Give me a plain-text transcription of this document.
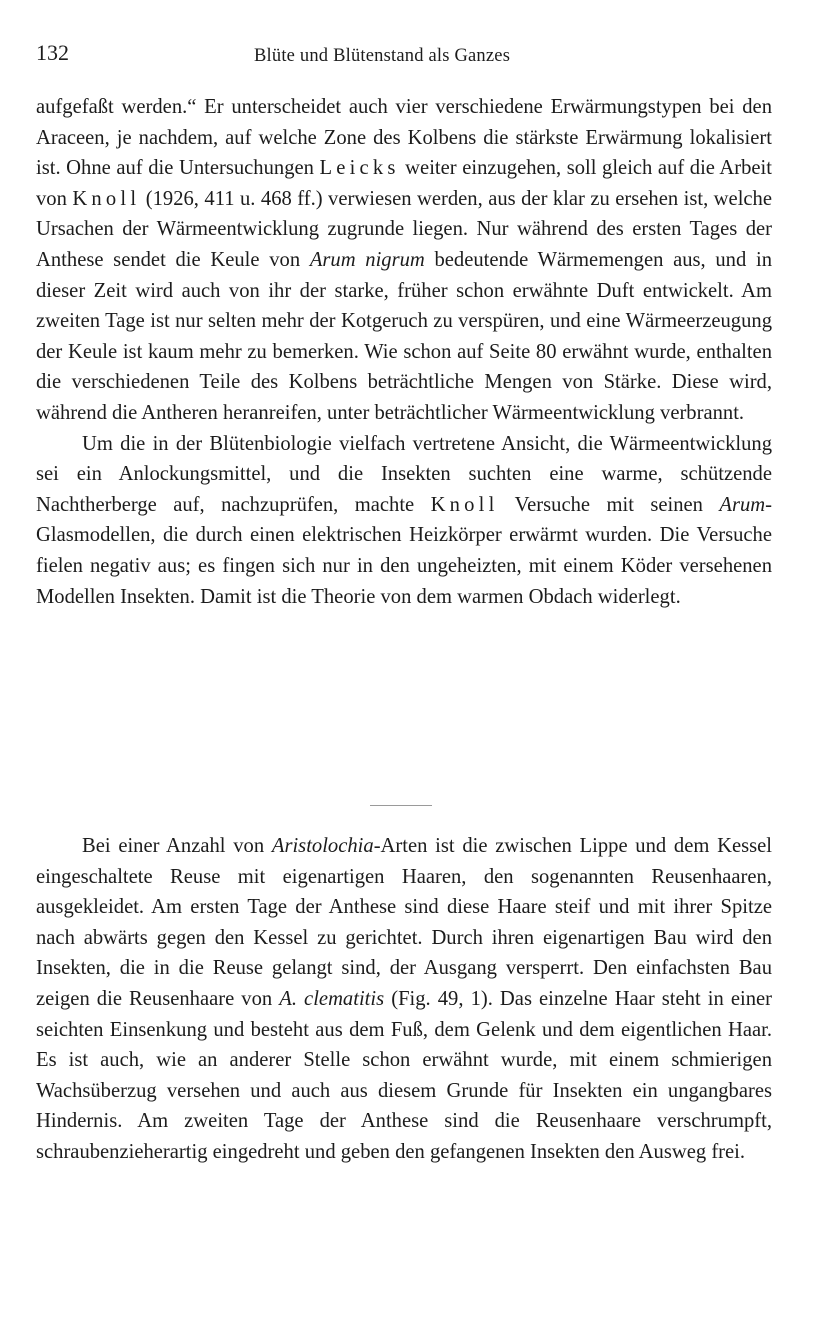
132	Blüte und Blütenstand als Ganzes

aufgefaßt werden.“ Er unterscheidet auch vier verschiedene Erwärmungstypen bei den Araceen, je nachdem, auf welche Zone des Kolbens die stärkste Erwärmung lokalisiert ist. Ohne auf die Untersuchungen Leicks weiter einzugehen, soll gleich auf die Arbeit von Knoll (1926, 411 u. 468 ff.) verwiesen werden, aus der klar zu ersehen ist, welche Ursachen der Wärmeentwicklung zugrunde liegen. Nur während des ersten Tages der Anthese sendet die Keule von Arum nigrum bedeutende Wärmemengen aus, und in dieser Zeit wird auch von ihr der starke, früher schon erwähnte Duft entwickelt. Am zweiten Tage ist nur selten mehr der Kotgeruch zu verspüren, und eine Wärmeerzeugung der Keule ist kaum mehr zu bemerken. Wie schon auf Seite 80 erwähnt wurde, enthalten die verschiedenen Teile des Kolbens beträchtliche Mengen von Stärke. Diese wird, während die Antheren heranreifen, unter beträchtlicher Wärmeentwicklung verbrannt.

Um die in der Blütenbiologie vielfach vertretene Ansicht, die Wärmeentwicklung sei ein Anlockungsmittel, und die Insekten suchten eine warme, schützende Nachtherberge auf, nachzuprüfen, machte Knoll Versuche mit seinen Arum-Glasmodellen, die durch einen elektrischen Heizkörper erwärmt wurden. Die Versuche fielen negativ aus; es fingen sich nur in den ungeheizten, mit einem Köder versehenen Modellen Insekten. Damit ist die Theorie von dem warmen Obdach widerlegt.

Bei einer Anzahl von Aristolochia-Arten ist die zwischen Lippe und dem Kessel eingeschaltete Reuse mit eigenartigen Haaren, den sogenannten Reusenhaaren, ausgekleidet. Am ersten Tage der Anthese sind diese Haare steif und mit ihrer Spitze nach abwärts gegen den Kessel zu gerichtet. Durch ihren eigenartigen Bau wird den Insekten, die in die Reuse gelangt sind, der Ausgang versperrt. Den einfachsten Bau zeigen die Reusenhaare von A. clematitis (Fig. 49, 1). Das einzelne Haar steht in einer seichten Einsenkung und besteht aus dem Fuß, dem Gelenk und dem eigentlichen Haar. Es ist auch, wie an anderer Stelle schon erwähnt wurde, mit einem schmierigen Wachsüberzug versehen und auch aus diesem Grunde für Insekten ein ungangbares Hindernis. Am zweiten Tage der Anthese sind die Reusenhaare verschrumpft, schraubenzieherartig eingedreht und geben den gefangenen Insekten den Ausweg frei.
